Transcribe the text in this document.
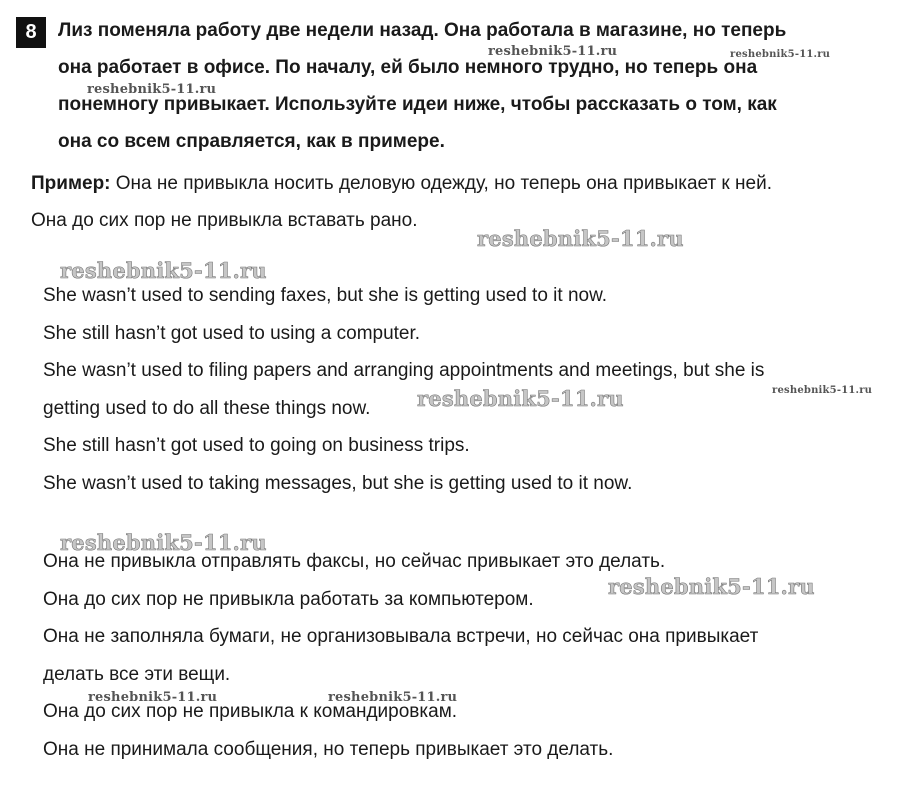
8	Лиз поменяла работу две недели назад. Она работала в магазине, но теперь
она работает в офисе. По началу, ей было немного трудно, но теперь она
понемногу привыкает. Используйте идеи ниже, чтобы рассказать о том, как
она со всем справляется, как в примере.

Пример: Она не привыкла носить деловую одежду, но теперь она привыкает к ней.
Она до сих пор не привыкла вставать рано.

She wasn’t used to sending faxes, but she is getting used to it now.
She still hasn’t got used to using a computer.
She wasn’t used to filing papers and arranging appointments and meetings, but she is
getting used to do all these things now.
She still hasn’t got used to going on business trips.
She wasn’t used to taking messages, but she is getting used to it now.

Она не привыкла отправлять факсы, но сейчас привыкает это делать.
Она до сих пор не привыкла работать за компьютером.
Она не заполняла бумаги, не организовывала встречи, но сейчас она привыкает
делать все эти вещи.
Она до сих пор не привыкла к командировкам.
Она не принимала сообщения, но теперь привыкает это делать.

reshebnik5-11.ru	reshebnik5-11.ru
reshebnik5-11.ru
reshebnik5-11.ru
reshebnik5-11.ru
reshebnik5-11.ru	reshebnik5-11.ru
reshebnik5-11.ru
reshebnik5-11.ru
reshebnik5-11.ru	reshebnik5-11.ru
